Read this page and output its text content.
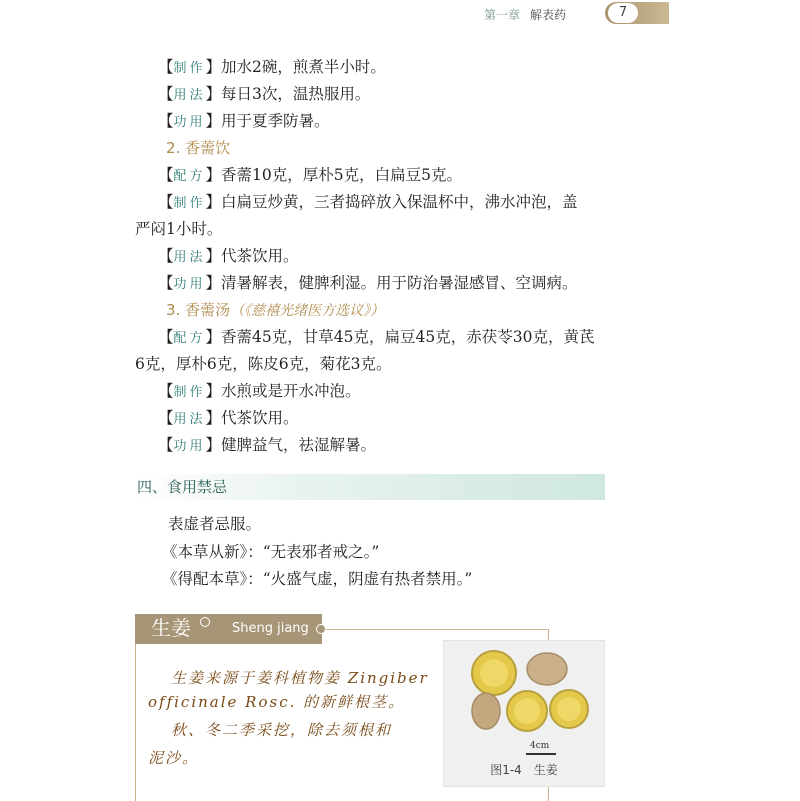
7
第一章 解表药
【制作】加水2碗，煎煮半小时。
【用法】每日3次，温热服用。
【功用】用于夏季防暑。
2. 香薷饮
【配方】香薷10克，厚朴5克，白扁豆5克。
【制作】白扁豆炒黄，三者捣碎放入保温杯中，沸水冲泡，盖
严闷1小时。
【用法】代茶饮用。
【功用】清暑解表，健脾利湿。用于防治暑湿感冒、空调病。
3. 香薷汤（《慈禧光绪医方选议》）
【配方】香薷45克，甘草45克，扁豆45克，赤茯苓30克，黄芪
6克，厚朴6克，陈皮6克，菊花3克。
【制作】水煎或是开水冲泡。
【用法】代茶饮用。
【功用】健脾益气，祛湿解暑。
四、食用禁忌
表虚者忌服。
《本草从新》：“无表邪者戒之。”
《得配本草》：“火盛气虚，阴虚有热者禁用。”
生姜	Sheng jiang
生姜来源于姜科植物姜 Zingiber
officinale Rosc. 的新鲜根茎。
秋、冬二季采挖，除去须根和
泥沙。
4cm
图1-4　生姜
